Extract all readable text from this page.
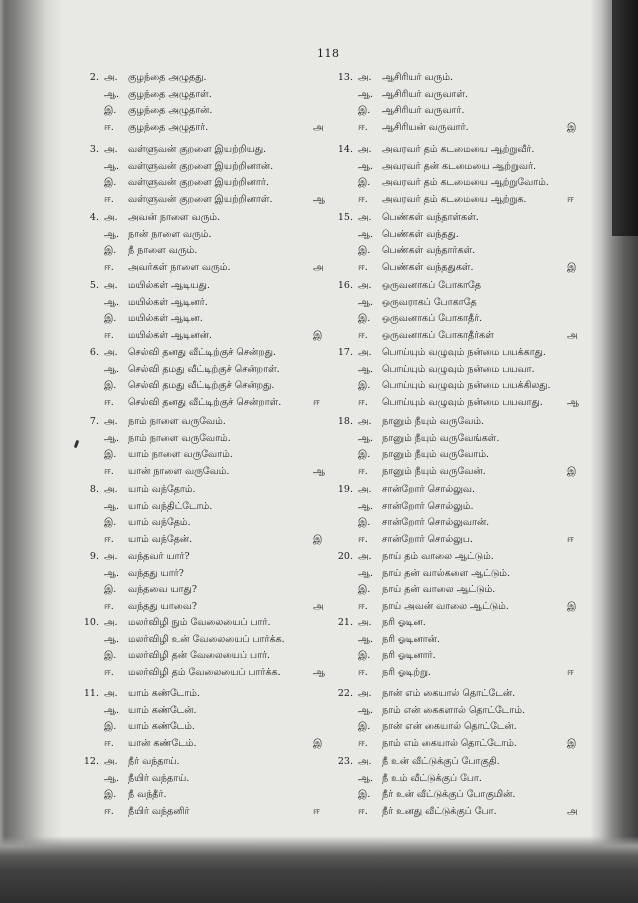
118
2. அ. குழந்தை அழுதது.
ஆ. குழந்தை அழுதாள்.
இ. குழந்தை அழுதான்.
ஈ. குழந்தை அழுதார்.	அ
3. அ. வள்ளுவன் குறளை இயற்றியது.
ஆ. வள்ளுவன் குறளை இயற்றினான்.
இ. வள்ளுவன் குறளை இயற்றினார்.
ஈ. வள்ளுவன் குறளை இயற்றினாள்.	ஆ
4. அ. அவன் நாளை வரும்.
ஆ. நான் நாளை வரும்.
இ. நீ நாளை வரும்.
ஈ. அவர்கள் நாளை வரும்.	அ
5. அ. மயில்கள் ஆடியது.
ஆ. மயில்கள் ஆடினர்.
இ. மயில்கள் ஆடின.
ஈ. மயில்கள் ஆடினன்.	இ
6. அ. செல்வி தனது வீட்டிற்குச் சென்றது.
ஆ. செல்வி தமது வீட்டிற்குச் சென்றாள்.
இ. செல்வி தமது வீட்டிற்குச் சென்றது.
ஈ. செல்வி தனது வீட்டிற்குச் சென்றாள்.	ஈ
7. அ. நாம் நாளை வருவேம்.
ஆ. நாம் நாளை வருவோம்.
இ. யாம் நாளை வருவோம்.
ஈ. யான் நாளை வருவேம்.	ஆ
8. அ. யாம் வந்தோம்.
ஆ. யாம் வந்திட்டோம்.
இ. யாம் வந்தேம்.
ஈ. யாம் வந்தேன்.	இ
9. அ. வந்தவர் யார்?
ஆ. வந்தது யார்?
இ. வந்தவை யாது?
ஈ. வந்தது யாவை?	அ
10. அ. மலர்விழி நும் வேலையைப் பார்.
ஆ. மலர்விழி உன் வேலையைப் பார்க்க.
இ. மலர்விழி தன் வேலையைப் பார்.
ஈ. மலர்விழி தம் வேலையைப் பார்க்க.	ஆ
11. அ. யாம் கண்டோம்.
ஆ. யாம் கண்டேன்.
இ. யாம் கண்டேம்.
ஈ. யான் கண்டேம்.	இ
12. அ. நீர் வந்தாய்.
ஆ. நீயிர் வந்தாய்.
இ. நீ வந்தீர்.
ஈ. நீயிர் வந்தனிர்	ஈ
13. அ. ஆசிரியர் வரும்.
ஆ. ஆசிரியர் வருவாள்.
இ. ஆசிரியர் வருவார்.
ஈ. ஆசிரியன் வருவார்.	இ
14. அ. அவரவர் தம் கடமையை ஆற்றுவீர்.
ஆ. அவரவர் தன் கடமையை ஆற்றுவர்.
இ. அவரவர் தம் கடமையை ஆற்றுவோம்.
ஈ. அவரவர் தம் கடமையை ஆற்றுக.	ஈ
15. அ. பெண்கள் வந்தாள்கள்.
ஆ. பெண்கள் வந்தது.
இ. பெண்கள் வந்தார்கள்.
ஈ. பெண்கள் வந்ததுகள்.	இ
16. அ. ஒருவனாகப் போகாதே
ஆ. ஒருவராகப் போகாதே
இ. ஒருவனாகப் போகாதீர்.
ஈ. ஒருவனாகப் போகாதீர்கள்	அ
17. அ. பொய்யும் வழுவும் நன்மை பயக்காது.
ஆ. பொய்யும் வழுவும் நன்மை பயவா.
இ. பொய்யும் வழுவும் நன்மை பயக்கிலது.
ஈ. பொய்யும் வழுவும் நன்மை பயவாது.	ஆ
18. அ. நானும் நீயும் வருவேம்.
ஆ. நானும் நீயும் வருவேங்கள்.
இ. நானும் நீயும் வருவோம்.
ஈ. நானும் நீயும் வருவேன்.	இ
19. அ. சான்றோர் சொல்லுவ.
ஆ. சான்றோர் சொல்லும்.
இ. சான்றோர் சொல்லுவான்.
ஈ. சான்றோர் சொல்லுப.	ஈ
20. அ. நாய் தம் வாலை ஆட்டும்.
ஆ. நாய் தன் வால்களை ஆட்டும்.
இ. நாய் தன் வாலை ஆட்டும்.
ஈ. நாய் அவன் வாலை ஆட்டும்.	இ
21. அ. நரி ஓடின.
ஆ. நரி ஓடினான்.
இ. நரி ஓடினார்.
ஈ. நரி ஓடிற்று.	ஈ
22. அ. நான் எம் கையால் தொட்டேன்.
ஆ. நாம் என் கைகளால் தொட்டோம்.
இ. நான் என் கையால் தொட்டேன்.
ஈ. நாம் எம் கையால் தொட்டோம்.	இ
23. அ. நீ உன் வீட்டுக்குப் போகுதி.
ஆ. நீ உம் வீட்டுக்குப் போ.
இ. நீர் உன் வீட்டுக்குப் போகுமின்.
ஈ. நீர் உனது வீட்டுக்குப் போ.	அ
